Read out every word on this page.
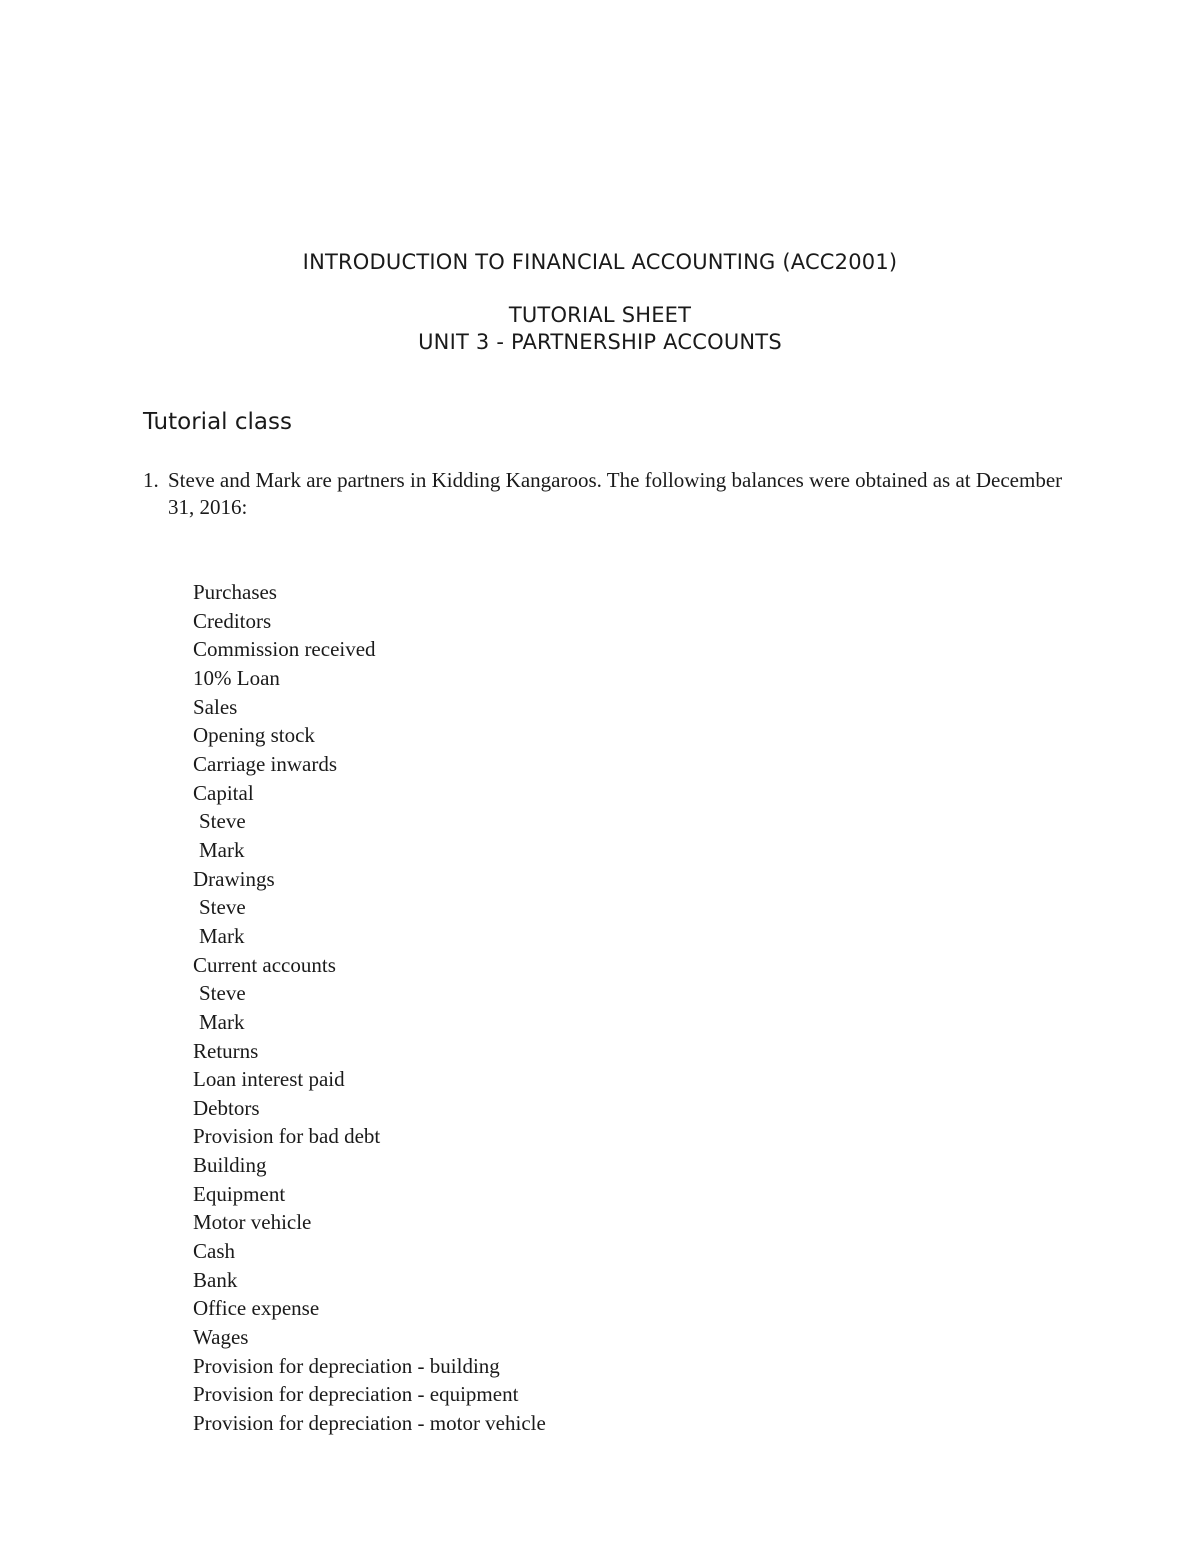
INTRODUCTION TO FINANCIAL ACCOUNTING (ACC2001)
TUTORIAL SHEET
UNIT 3 - PARTNERSHIP ACCOUNTS
Tutorial class
1. Steve and Mark are partners in Kidding Kangaroos. The following balances were obtained as at December 31, 2016:
Purchases
Creditors
Commission received
10% Loan
Sales
Opening stock
Carriage inwards
Capital
Steve
Mark
Drawings
Steve
Mark
Current accounts
Steve
Mark
Returns
Loan interest paid
Debtors
Provision for bad debt
Building
Equipment
Motor vehicle
Cash
Bank
Office expense
Wages
Provision for depreciation - building
Provision for depreciation - equipment
Provision for depreciation - motor vehicle
